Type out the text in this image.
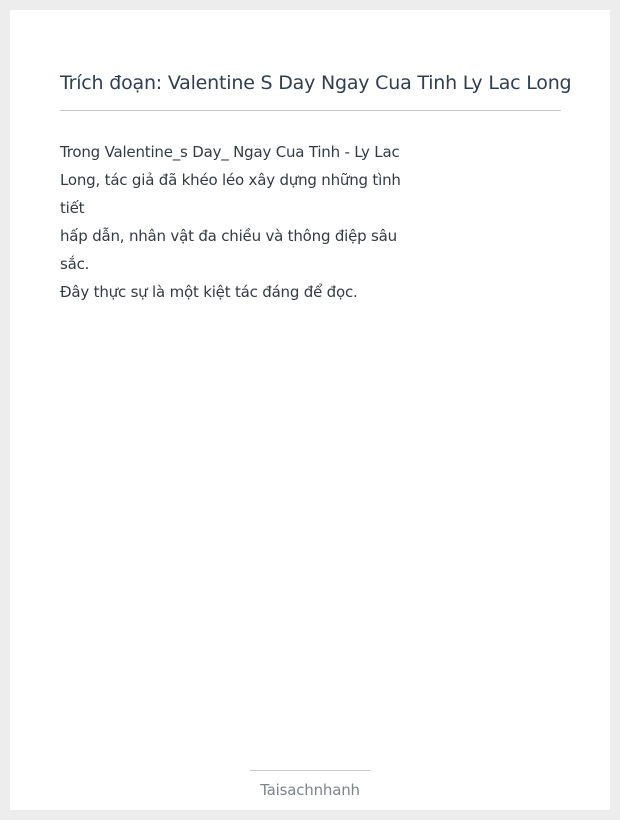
Trích đoạn: Valentine S Day Ngay Cua Tinh Ly Lac Long

Trong Valentine_s Day_ Ngay Cua Tinh - Ly Lac Long, tác giả đã khéo léo xây dựng những tình tiết

hấp dẫn, nhân vật đa chiều và thông điệp sâu sắc.

Đây thực sự là một kiệt tác đáng để đọc.

Taisachnhanh
